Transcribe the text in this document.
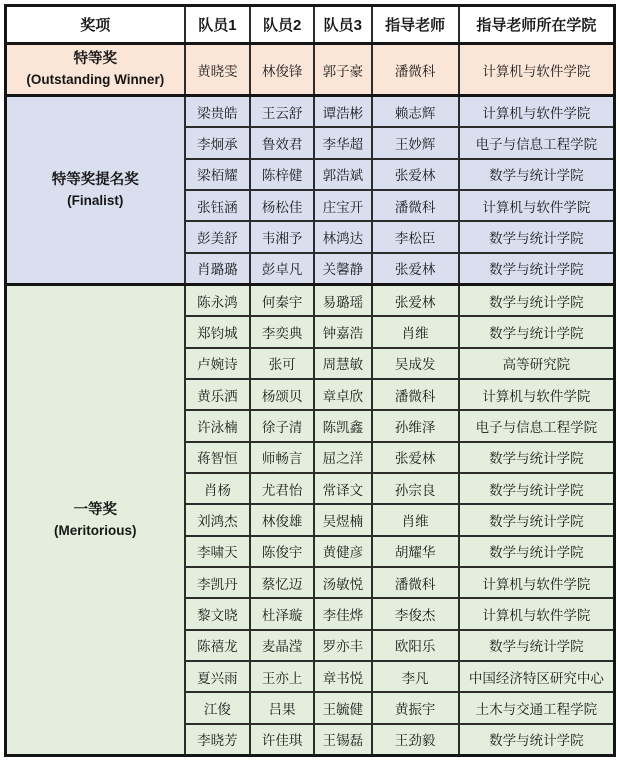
奖项	队员1	队员2	队员3	指导老师	指导老师所在学院

特等奖
(Outstanding Winner)	黄晓雯	林俊锋	郭子豪	潘微科	计算机与软件学院

特等奖提名奖
(Finalist)	梁贵皓	王云舒	谭浩彬	赖志辉	计算机与软件学院
	李炯承	鲁效君	李华超	王妙辉	电子与信息工程学院
	梁栢耀	陈梓健	郭浩斌	张爱林	数学与统计学院
	张钰涵	杨松佳	庄宝开	潘微科	计算机与软件学院
	彭美舒	韦湘予	林鸿达	李松臣	数学与统计学院
	肖璐璐	彭卓凡	关馨静	张爱林	数学与统计学院

一等奖
(Meritorious)	陈永鸿	何秦宇	易璐瑶	张爱林	数学与统计学院
	郑钧城	李奕典	钟嘉浩	肖维	数学与统计学院
	卢婉诗	张可	周慧敏	吴成发	高等研究院
	黄乐洒	杨颂贝	章卓欣	潘微科	计算机与软件学院
	许泳楠	徐子清	陈凯鑫	孙维泽	电子与信息工程学院
	蒋智恒	师畅言	屈之洋	张爱林	数学与统计学院
	肖杨	尤君怡	常译文	孙宗良	数学与统计学院
	刘鸿杰	林俊雄	吴煜楠	肖维	数学与统计学院
	李啸天	陈俊宇	黄健彦	胡耀华	数学与统计学院
	李凯丹	蔡忆迈	汤敏悦	潘微科	计算机与软件学院
	黎文晓	杜泽璇	李佳烨	李俊杰	计算机与软件学院
	陈禧龙	麦晶滢	罗亦丰	欧阳乐	数学与统计学院
	夏兴雨	王亦上	章书悦	李凡	中国经济特区研究中心
	江俊	吕果	王毓健	黄振宇	土木与交通工程学院
	李晓芳	许佳琪	王锡磊	王劲毅	数学与统计学院
